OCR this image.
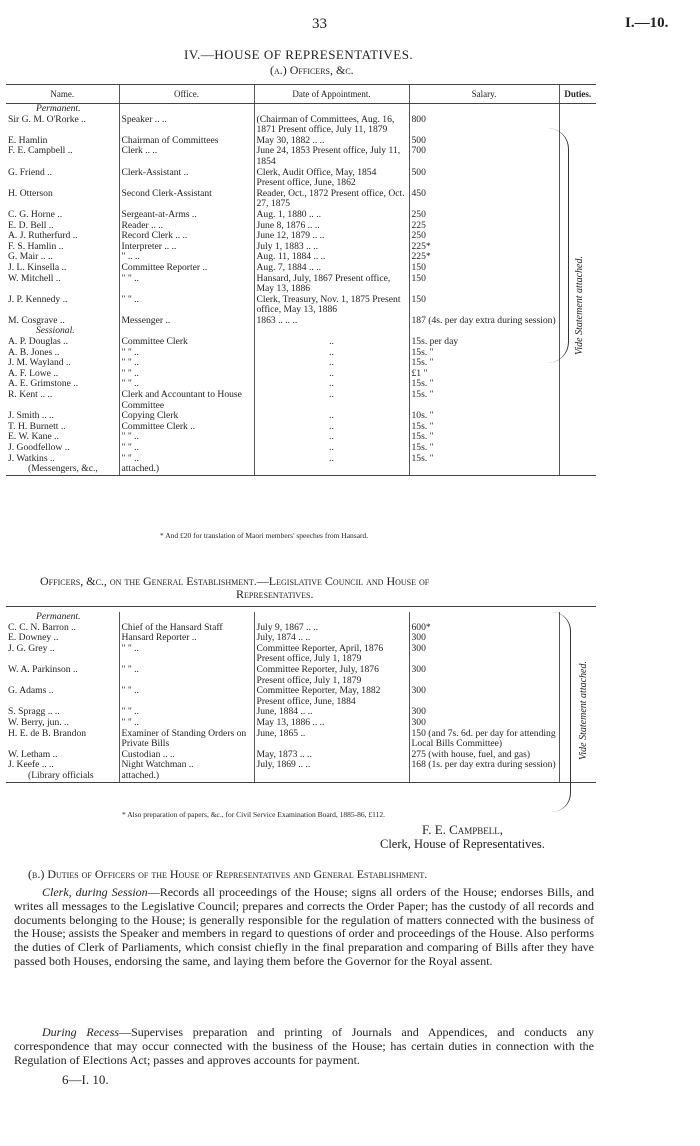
33	I.—10.
IV.—HOUSE OF REPRESENTATIVES.
(a.) Officers, &c.
Name.	Office.	Date of Appointment.	Salary.	Duties.
Permanent.				
Sir G. M. O'Rorke ..	Speaker .. ..	(Chairman of Committees, Aug. 16, 1871 Present office, July 11, 1879	800	
E. Hamlin	Chairman of Committees	May 30, 1882 .. ..	500	
F. E. Campbell ..	Clerk .. ..	June 24, 1853 Present office, July 11, 1854	700	
G. Friend ..	Clerk-Assistant ..	Clerk, Audit Office, May, 1854 Present office, June, 1862	500	
H. Otterson	Second Clerk-Assistant	Reader, Oct., 1872 Present office, Oct. 27, 1875	450	
C. G. Horne ..	Sergeant-at-Arms ..	Aug. 1, 1880 .. ..	250	
E. D. Bell ..	Reader .. ..	June 8, 1876 .. ..	225	
A. J. Rutherfurd ..	Record Clerk .. ..	June 12, 1879 .. ..	250	
F. S. Hamlin ..	Interpreter .. ..	July 1, 1883 .. ..	225*	
G. Mair .. ..	" .. ..	Aug. 11, 1884 .. ..	225*	
J. L. Kinsella ..	Committee Reporter ..	Aug. 7, 1884 .. ..	150	
W. Mitchell ..	" " ..	Hansard, July, 1867 Present office, May 13, 1886	150	
J. P. Kennedy ..	" " ..	Clerk, Treasury, Nov. 1, 1875 Present office, May 13, 1886	150	
M. Cosgrave ..	Messenger ..	1863 .. .. ..	187 (4s. per day extra during session)	
Sessional.				
A. P. Douglas ..	Committee Clerk	..	15s. per day	
A. B. Jones ..	" " ..	..	15s. "	
J. M. Wayland ..	" " ..	..	15s. "	
A. F. Lowe ..	" " ..	..	£1 "	
A. E. Grimstone ..	" " ..	..	15s. "	
R. Kent .. ..	Clerk and Accountant to House Committee	..	15s. "	
J. Smith .. ..	Copying Clerk	..	10s. "	
T. H. Burnett ..	Committee Clerk ..	..	15s. "	
E. W. Kane ..	" " ..	..	15s. "	
J. Goodfellow ..	" " ..	..	15s. "	
J. Watkins ..	" " ..	..	15s. "	
(Messengers, &c.,	attached.)			
Vide Statement attached.
* And £20 for translation of Maori members' speeches from Hansard.
Officers, &c., on the General Establishment.—Legislative Council and House of
Representatives.
Permanent.				
C. C. N. Barron ..	Chief of the Hansard Staff	July 9, 1867 .. ..	600*	
E. Downey ..	Hansard Reporter ..	July, 1874 .. ..	300	
J. G. Grey ..	" " ..	Committee Reporter, April, 1876 Present office, July 1, 1879	300	
W. A. Parkinson ..	" " ..	Committee Reporter, July, 1876 Present office, July 1, 1879	300	
G. Adams ..	" " ..	Committee Reporter, May, 1882 Present office, June, 1884	300	
S. Spragg .. ..	" " ..	June, 1884 .. ..	300	
W. Berry, jun. ..	" " ..	May 13, 1886 .. ..	300	
H. E. de B. Brandon	Examiner of Standing Orders on Private Bills	June, 1865 ..	150 (and 7s. 6d. per day for attending Local Bills Committee)	
W. Letham ..	Custodian .. ..	May, 1873 .. ..	275 (with house, fuel, and gas)	
J. Keefe .. ..	Night Watchman ..	July, 1869 .. ..	168 (1s. per day extra during session)	
(Library officials	attached.)			
Vide Statement attached.
* Also preparation of papers, &c., for Civil Service Examination Board, 1885-86, £112.
F. E. Campbell,
Clerk, House of Representatives.
(b.) Duties of Officers of the House of Representatives and General Establishment.
Clerk, during Session—Records all proceedings of the House; signs all orders of the House; endorses Bills, and writes all messages to the Legislative Council; prepares and corrects the Order Paper; has the custody of all records and documents belonging to the House; is generally responsible for the regulation of matters connected with the business of the House; assists the Speaker and members in regard to questions of order and proceedings of the House. Also performs the duties of Clerk of Parliaments, which consist chiefly in the final preparation and comparing of Bills after they have passed both Houses, endorsing the same, and laying them before the Governor for the Royal assent.
During Recess—Supervises preparation and printing of Journals and Appendices, and conducts any correspondence that may occur connected with the business of the House; has certain duties in connection with the Regulation of Elections Act; passes and approves accounts for payment.
6—I. 10.
